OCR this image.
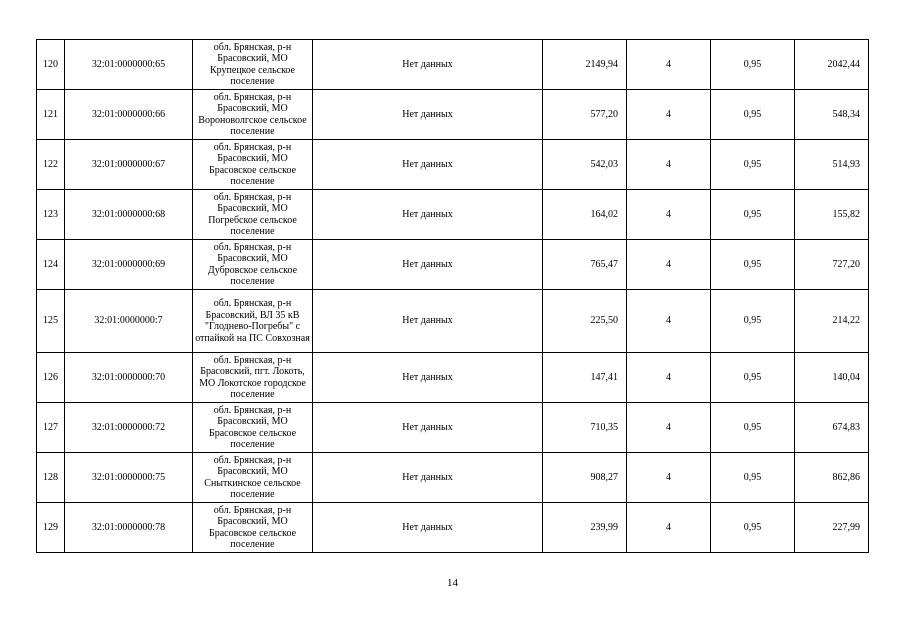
120	32:01:0000000:65	обл. Брянская, р-н Брасовский, МО Крупецкое сельское поселение	Нет данных	2149,94	4	0,95	2042,44
121	32:01:0000000:66	обл. Брянская, р-н Брасовский, МО Вороноволгское сельское поселение	Нет данных	577,20	4	0,95	548,34
122	32:01:0000000:67	обл. Брянская, р-н Брасовский, МО Брасовское сельское поселение	Нет данных	542,03	4	0,95	514,93
123	32:01:0000000:68	обл. Брянская, р-н Брасовский, МО Погребское сельское поселение	Нет данных	164,02	4	0,95	155,82
124	32:01:0000000:69	обл. Брянская, р-н Брасовский, МО Дубровское сельское поселение	Нет данных	765,47	4	0,95	727,20
125	32:01:0000000:7	обл. Брянская, р-н Брасовский, ВЛ 35 кВ "Глоднево-Погребы" с отпайкой на ПС Совхозная	Нет данных	225,50	4	0,95	214,22
126	32:01:0000000:70	обл. Брянская, р-н Брасовский, пгт. Локоть, МО Локотское городское поселение	Нет данных	147,41	4	0,95	140,04
127	32:01:0000000:72	обл. Брянская, р-н Брасовский, МО Брасовское сельское поселение	Нет данных	710,35	4	0,95	674,83
128	32:01:0000000:75	обл. Брянская, р-н Брасовский, МО Сныткинское сельское поселение	Нет данных	908,27	4	0,95	862,86
129	32:01:0000000:78	обл. Брянская, р-н Брасовский, МО Брасовское сельское поселение	Нет данных	239,99	4	0,95	227,99
14
